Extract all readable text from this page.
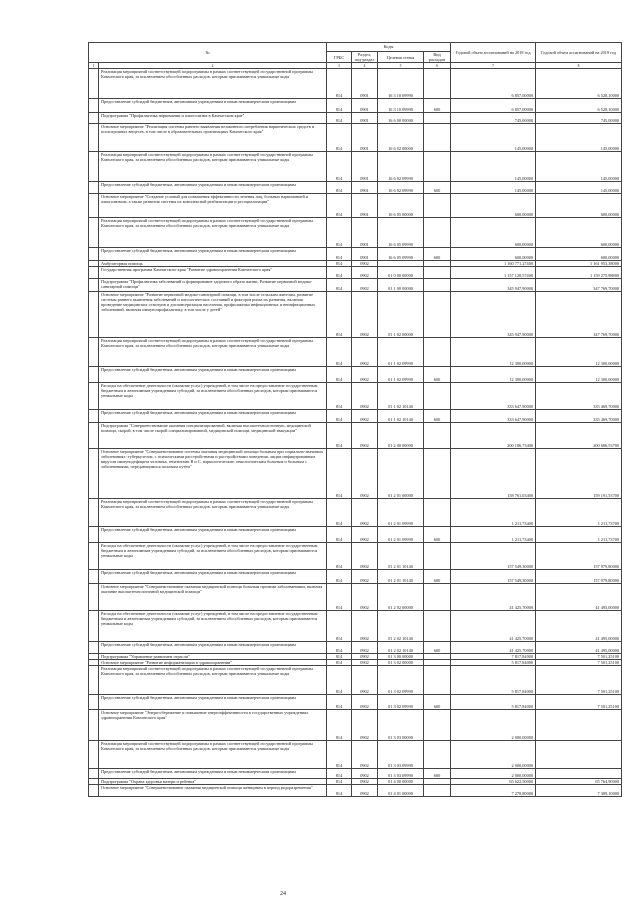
№		Коды				Годовой объем ассигнований на 2018 год	Годовой объем ассигнований на 2019 год
		ГРБС	Раздел, под-раздел	Целевая статья	Вид расходов		
1	2	3	4	5	6	7	8
	Реализация мероприятий соответствующей подпрограммы в рамках соответствующей государственной программы Камчатского края, за исключением обособленных расходов, которым присваиваются уникальные коды	814	0901	16 3 10 09990		6 857,00000	6 528,10000
	Предоставление субсидий бюджетным, автономным учреждениям и иным некоммерческим организациям	814	0901	16 3 10 09990	600	6 857,00000	6 528,10000
	Подпрограмма "Профилактика наркомании и алкоголизма в Камчатском крае"	814	0901	16 6 00 00000		745,00000	745,00000
	Основное мероприятие "Реализация системы раннего выявления незаконного потребления наркотических средств и психотропных веществ, в том числе в образовательных организациях Камчатского края"	814	0901	16 6 02 00000		145,00000	145,00000
	Реализация мероприятий соответствующей подпрограммы в рамках соответствующей государственной программы Камчатского края, за исключением обособленных расходов, которым присваиваются уникальные коды	814	0901	16 6 02 09990		145,00000	145,00000
	Предоставление субсидий бюджетным, автономным учреждениям и иным некоммерческим организациям	814	0901	16 6 02 09990	600	145,00000	145,00000
	Основное мероприятие "Создание условий для повышения эффективности лечения лиц, больных наркоманией и алкоголизмом, а также развития системы их комплексной реабилитации и ресоциализации"	814	0901	16 6 05 00000		600,00000	600,00000
	Реализация мероприятий соответствующей подпрограммы в рамках соответствующей государственной программы Камчатского края, за исключением обособленных расходов, которым присваиваются уникальные коды	814	0901	16 6 05 09990		600,00000	600,00000
	Предоставление субсидий бюджетным, автономным учреждениям и иным некоммерческим организациям	814	0901	16 6 05 09990	600	600,00000	600,00000
	Амбулаторная помощь	814	0902			1 160 771,27400	1 161 953,38000
	Государственная программа Камчатского края "Развитие здравоохранения Камчатского края"	814	0902	01 0 00 00000		1 157 128,57400	1 159 275,98800
	Подпрограмма "Профилактика заболеваний и формирование здорового образа жизни. Развитие первичной медико-санитарной помощи"	814	0902	01 1 00 00000		345 947,90000	347 769,70000
	Основное мероприятие "Развитие первичной медико-санитарной помощи, в том числе сельским жителям, развитие системы раннего выявления заболеваний и патологических состояний и факторов риска их развития, включая проведение медицинских осмотров и диспансеризации населения, профилактика инфекционных и неинфекционных заболеваний, включая иммунопрофилактику, в том числе у детей"	814	0902	01 1 02 00000		345 947,90000	347 769,70000
	Реализация мероприятий соответствующей подпрограммы в рамках соответствующей государственной программы Камчатского края, за исключением обособленных расходов, которым присваиваются уникальные коды	814	0902	01 1 02 09990		12 300,00000	12 300,00000
	Предоставление субсидий бюджетным, автономным учреждениям и иным некоммерческим организациям	814	0902	01 1 02 09990	600	12 300,00000	12 300,00000
	Расходы на обеспечение деятельности (оказание услуг) учреждений, в том числе на предоставление государственным бюджетным и автономным учреждениям субсидий, за исключением обособленных расходов, которым присваиваются уникальные коды	814	0902	01 1 02 10140		333 647,90000	335 469,70000
	Предоставление субсидий бюджетным, автономным учреждениям и иным некоммерческим организациям	814	0902	01 1 02 10140	600	333 647,90000	335 469,70000
	Подпрограмма "Совершенствование оказания специализированной, включая высокотехнологичную, медицинской помощи, скорой, в том числе скорой специализированной, медицинской помощи, медицинской эвакуации"	814	0902	01 2 00 00000		200 186,73400	200 686,53700
	Основное мероприятие "Совершенствование системы оказания медицинской помощи больным при социально-значимых заболеваниях: туберкулезом, с психическими расстройствами и расстройствами поведения, лицам инфицированным вирусом иммунодефицита человека, гепатитами B и C, наркологические, онкологическим больным и больным с заболеваниями, передающимися половым путем"	814	0902	01 2 01 00000		158 761,03400	159 191,53700
	Реализация мероприятий соответствующей подпрограммы в рамках соответствующей государственной программы Камчатского края, за исключением обособленных расходов, которым присваиваются уникальные коды	814	0902	01 2 01 09990		1 211,73400	1 211,73700
	Предоставление субсидий бюджетным, автономным учреждениям и иным некоммерческим организациям	814	0902	01 2 01 09990	600	1 211,73400	1 211,73700
	Расходы на обеспечение деятельности (оказание услуг) учреждений, в том числе на предоставление государственным бюджетным и автономным учреждениям субсидий, за исключением обособленных расходов, которым присваиваются уникальные коды	814	0902	01 2 01 10140		157 549,30000	157 979,80000
	Предоставление субсидий бюджетным, автономным учреждениям и иным некоммерческим организациям	814	0902	01 2 01 10140	600	157 549,30000	157 979,80000
	Основное мероприятие "Совершенствование оказания медицинской помощи больным прочими заболеваниями, включая оказание высокотехнологичной медицинской помощи"	814	0902	01 2 02 00000		41 425,70000	41 495,00000
	Расходы на обеспечение деятельности (оказание услуг) учреждений, в том числе на предоставление государственным бюджетным и автономным учреждениям субсидий, за исключением обособленных расходов, которым присваиваются уникальные коды	814	0902	01 2 02 10140		41 425,70000	41 495,00000
	Предоставление субсидий бюджетным, автономным учреждениям и иным некоммерческим организациям	814	0902	01 2 02 10140	600	41 425,70000	41 495,00000
	Подпрограмма "Управление развитием отрасли"	814	0902	01 3 00 00000		7 817,84000	7 501,25100
	Основное мероприятие "Развитие информатизации в здравоохранении"	814	0902	01 3 02 00000		5 817,84000	7 501,25100
	Реализация мероприятий соответствующей подпрограммы в рамках соответствующей государственной программы Камчатского края, за исключением обособленных расходов, которым присваиваются уникальные коды	814	0902	01 3 02 09990		5 817,84000	7 501,25100
	Предоставление субсидий бюджетным, автономным учреждениям и иным некоммерческим организациям	814	0902	01 3 02 09990	600	5 817,84000	7 501,25100
	Основное мероприятие "Энергосбережение и повышение энергоэффективности в государственных учреждениях здравоохранения Камчатского края"	814	0902	01 3 03 00000		2 000,00000	
	Реализация мероприятий соответствующей подпрограммы в рамках соответствующей государственной программы Камчатского края, за исключением обособленных расходов, которым присваиваются уникальные коды	814	0902	01 3 03 09990		2 000,00000	
	Предоставление субсидий бюджетным, автономным учреждениям и иным некоммерческим организациям	814	0902	01 3 03 09990	600	2 000,00000	
	Подпрограмма "Охрана здоровья матери и ребенка"	814	0902	01 4 00 00000		65 622,50000	65 764,90000
	Основное мероприятие "Совершенствование оказания медицинской помощи женщинам в период родоразрешения"	814	0902	01 4 01 00000		7 278,80000	7 309,10000
24
